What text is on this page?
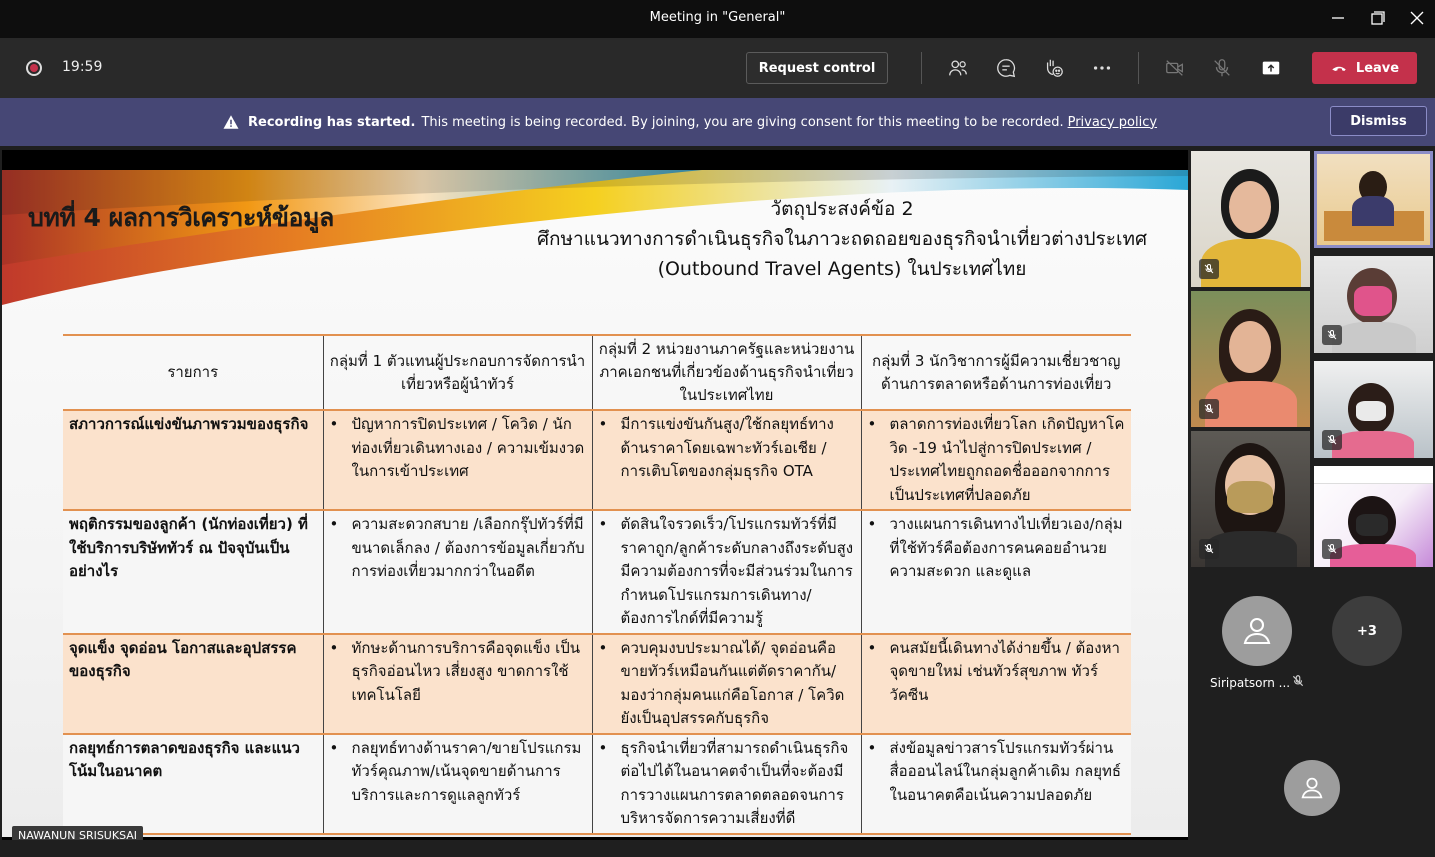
Meeting in "General"
19:59	Request control	Leave
Recording has started. This meeting is being recorded. By joining, you are giving consent for this meeting to be recorded. Privacy policy	Dismiss
บทที่ 4 ผลการวิเคราะห์ข้อมูล	วัตถุประสงค์ข้อ 2
ศึกษาแนวทางการดำเนินธุรกิจในภาวะถดถอยของธุรกิจนำเที่ยวต่างประเทศ
(Outbound Travel Agents) ในประเทศไทย
รายการ	กลุ่มที่ 1 ตัวแทนผู้ประกอบการจัดการนำเที่ยวหรือผู้นำทัวร์	กลุ่มที่ 2 หน่วยงานภาครัฐและหน่วยงานภาคเอกชนที่เกี่ยวข้องด้านธุรกิจนำเที่ยวในประเทศไทย	กลุ่มที่ 3 นักวิชาการผู้มีความเชี่ยวชาญด้านการตลาดหรือด้านการท่องเที่ยว
สภาวการณ์แข่งขันภาพรวมของธุรกิจ	• ปัญหาการปิดประเทศ / โควิด / นักท่องเที่ยวเดินทางเอง / ความเข้มงวดในการเข้าประเทศ	• มีการแข่งขันกันสูง/ใช้กลยุทธ์ทางด้านราคาโดยเฉพาะทัวร์เอเชีย / การเติบโตของกลุ่มธุรกิจ OTA	• ตลาดการท่องเที่ยวโลก เกิดปัญหาโควิด -19 นำไปสู่การปิดประเทศ / ประเทศไทยถูกถอดชื่อออกจากการเป็นประเทศที่ปลอดภัย

พฤติกรรมของลูกค้า (นักท่องเที่ยว) ที่ใช้บริการบริษัททัวร์ ณ ปัจจุบันเป็นอย่างไร	• ความสะดวกสบาย /เลือกกรุ๊ปทัวร์ที่มีขนาดเล็กลง / ต้องการข้อมูลเกี่ยวกับการท่องเที่ยวมากกว่าในอดีต	• ตัดสินใจรวดเร็ว/โปรแกรมทัวร์ที่มีราคาถูก/ลูกค้าระดับกลางถึงระดับสูงมีความต้องการที่จะมีส่วนร่วมในการกำหนดโปรแกรมการเดินทาง/ต้องการไกด์ที่มีความรู้	• วางแผนการเดินทางไปเที่ยวเอง/กลุ่มที่ใช้ทัวร์คือต้องการคนคอยอำนวยความสะดวก และดูแล

จุดแข็ง จุดอ่อน โอกาสและอุปสรรคของธุรกิจ	• ทักษะด้านการบริการคือจุดแข็ง เป็นธุรกิจอ่อนไหว เสี่ยงสูง ขาดการใช้เทคโนโลยี	• ควบคุมงบประมาณได้/ จุดอ่อนคือขายทัวร์เหมือนกันแต่ตัดราคากัน/ มองว่ากลุ่มคนแก่คือโอกาส / โควิดยังเป็นอุปสรรคกับธุรกิจ	• คนสมัยนี้เดินทางได้ง่ายขึ้น / ต้องหาจุดขายใหม่ เช่นทัวร์สุขภาพ ทัวร์วัคซีน

กลยุทธ์การตลาดของธุรกิจ และแนวโน้มในอนาคต	• กลยุทธ์ทางด้านราคา/ขายโปรแกรมทัวร์คุณภาพ/เน้นจุดขายด้านการบริการและการดูแลลูกทัวร์	• ธุรกิจนำเที่ยวที่สามารถดำเนินธุรกิจต่อไปได้ในอนาคตจำเป็นที่จะต้องมีการวางแผนการตลาดตลอดจนการบริหารจัดการความเสี่ยงที่ดี	• ส่งข้อมูลข่าวสารโปรแกรมทัวร์ผ่านสื่อออนไลน์ในกลุ่มลูกค้าเดิม กลยุทธ์ในอนาคตคือเน้นความปลอดภัย
NAWANUN SRISUKSAI
Siripatsorn ...
+3
